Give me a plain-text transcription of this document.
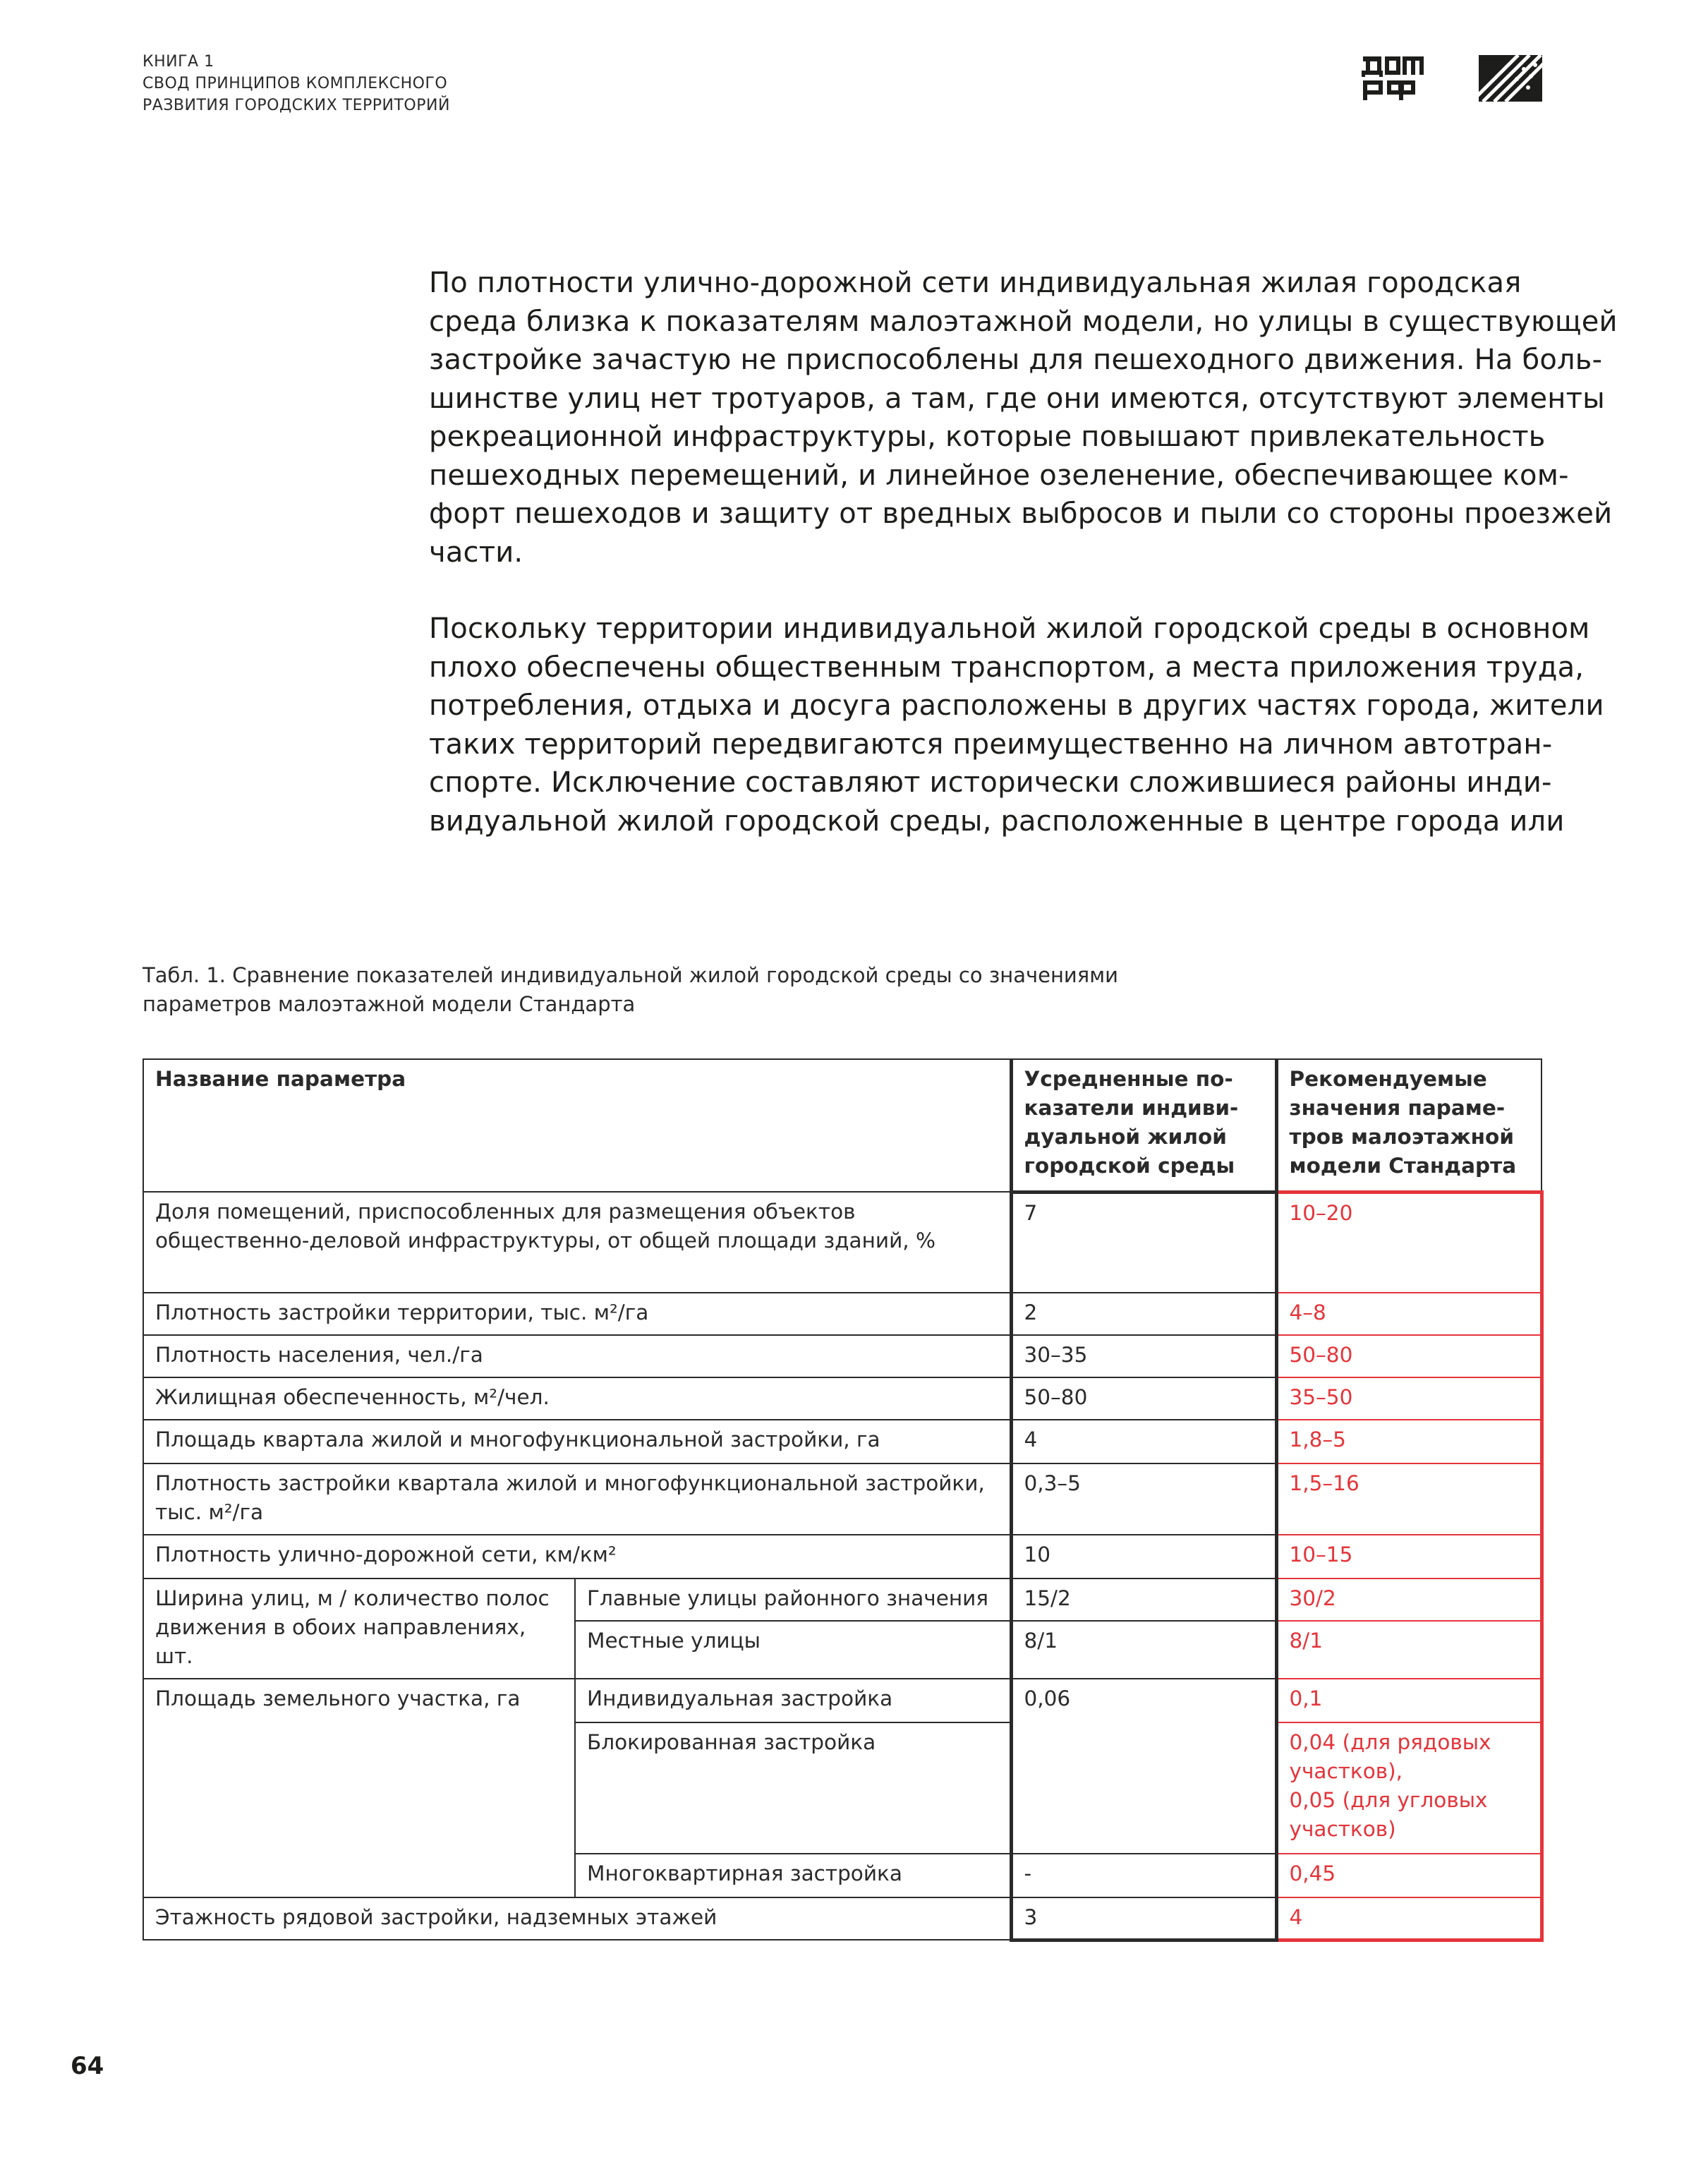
КНИГА 1
СВОД ПРИНЦИПОВ КОМПЛЕКСНОГО
РАЗВИТИЯ ГОРОДСКИХ ТЕРРИТОРИЙ
По плотности улично-дорожной сети индивидуальная жилая городская
среда близка к показателям малоэтажной модели, но улицы в существующей
застройке зачастую не приспособлены для пешеходного движения. На боль-
шинстве улиц нет тротуаров, а там, где они имеются, отсутствуют элементы
рекреационной инфраструктуры, которые повышают привлекательность
пешеходных перемещений, и линейное озеленение, обеспечивающее ком-
форт пешеходов и защиту от вредных выбросов и пыли со стороны проезжей
части.
Поскольку территории индивидуальной жилой городской среды в основном
плохо обеспечены общественным транспортом, а места приложения труда,
потребления, отдыха и досуга расположены в других частях города, жители
таких территорий передвигаются преимущественно на личном автотран-
спорте. Исключение составляют исторически сложившиеся районы инди-
видуальной жилой городской среды, расположенные в центре города или
Табл. 1. Сравнение показателей индивидуальной жилой городской среды со значениями
параметров малоэтажной модели Стандарта
Название параметра		Усредненные по-
казатели индиви-
дуальной жилой
городской среды	Рекомендуемые
значения параме-
тров малоэтажной
модели Стандарта
Доля помещений, приспособленных для размещения объектов
общественно-деловой инфраструктуры, от общей площади зданий, %		7	10–20
Плотность застройки территории, тыс. м²/га		2	4–8
Плотность населения, чел./га		30–35	50–80
Жилищная обеспеченность, м²/чел.		50–80	35–50
Площадь квартала жилой и многофункциональной застройки, га		4	1,8–5
Плотность застройки квартала жилой и многофункциональной застройки,
тыс. м²/га		0,3–5	1,5–16
Плотность улично-дорожной сети, км/км²		10	10–15
Ширина улиц, м / количество полос
движения в обоих направлениях,
шт.	Главные улицы районного значения	15/2	30/2
	Местные улицы	8/1	8/1
Площадь земельного участка, га	Индивидуальная застройка	0,06	0,1
	Блокированная застройка		0,04 (для рядовых
участков),
0,05 (для угловых
участков)
	Многоквартирная застройка	-	0,45
Этажность рядовой застройки, надземных этажей		3	4
64
